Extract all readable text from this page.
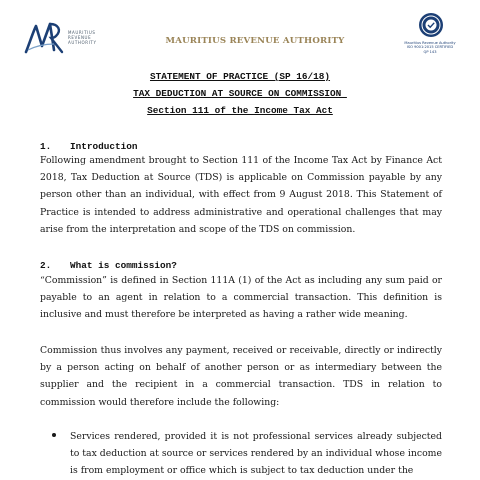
MAURITIUS
REVENUE
AUTHORITY	MAURITIUS REVENUE AUTHORITY	Mauritius Revenue Authority
ISO 9001:2015 CERTIFIED
QP 143
STATEMENT OF PRACTICE (SP 16/18)
TAX DEDUCTION AT SOURCE ON COMMISSION
Section 111 of the Income Tax Act
1. Introduction
Following amendment brought to Section 111 of the Income Tax Act by Finance Act 2018, Tax Deduction at Source (TDS) is applicable on Commission payable by any person other than an individual, with effect from 9 August 2018. This Statement of Practice is intended to address administrative and operational challenges that may arise from the interpretation and scope of the TDS on commission.
2. What is commission?
“Commission” is defined in Section 111A (1) of the Act as including any sum paid or payable to an agent in relation to a commercial transaction. This definition is inclusive and must therefore be interpreted as having a rather wide meaning.
Commission thus involves any payment, received or receivable, directly or indirectly by a person acting on behalf of another person or as intermediary between the supplier and the recipient in a commercial transaction. TDS in relation to commission would therefore include the following:
Services rendered, provided it is not professional services already subjected to tax deduction at source or services rendered by an individual whose income is from employment or office which is subject to tax deduction under the
